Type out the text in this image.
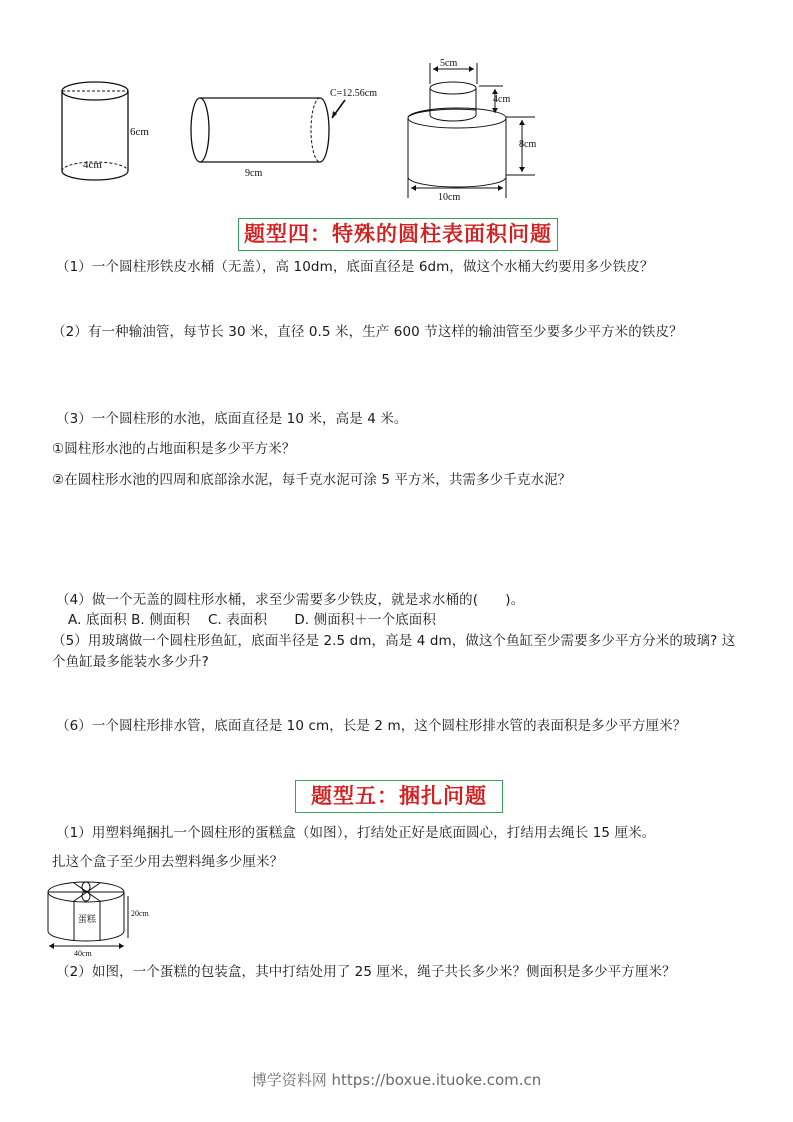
6cm
4cm
C=12.56cm
9cm
5cm
4cm
8cm
10cm
题型四：特殊的圆柱表面积问题
（1）一个圆柱形铁皮水桶（无盖），高 10dm，底面直径是 6dm，做这个水桶大约要用多少铁皮？
（2）有一种输油管，每节长 30 米，直径 0.5 米，生产 600 节这样的输油管至少要多少平方米的铁皮？
（3）一个圆柱形的水池，底面直径是 10 米，高是 4 米。
①圆柱形水池的占地面积是多少平方米？
②在圆柱形水池的四周和底部涂水泥，每千克水泥可涂 5 平方米，共需多少千克水泥？
（4）做一个无盖的圆柱形水桶，求至少需要多少铁皮，就是求水桶的(　　)。
A. 底面积 B. 侧面积　 C. 表面积　　D. 侧面积＋一个底面积
（5）用玻璃做一个圆柱形鱼缸，底面半径是 2.5 dm，高是 4 dm，做这个鱼缸至少需要多少平方分米的玻璃? 这个鱼缸最多能装水多少升?
（6）一个圆柱形排水管，底面直径是 10 cm，长是 2 m，这个圆柱形排水管的表面积是多少平方厘米？
题型五：捆扎问题
（1）用塑料绳捆扎一个圆柱形的蛋糕盒（如图），打结处正好是底面圆心，打结用去绳长 15 厘米。
扎这个盒子至少用去塑料绳多少厘米？
蛋糕
20cm
40cm
（2）如图，一个蛋糕的包装盒，其中打结处用了 25 厘米，绳子共长多少米？侧面积是多少平方厘米？
博学资料网 https://boxue.ituoke.com.cn
